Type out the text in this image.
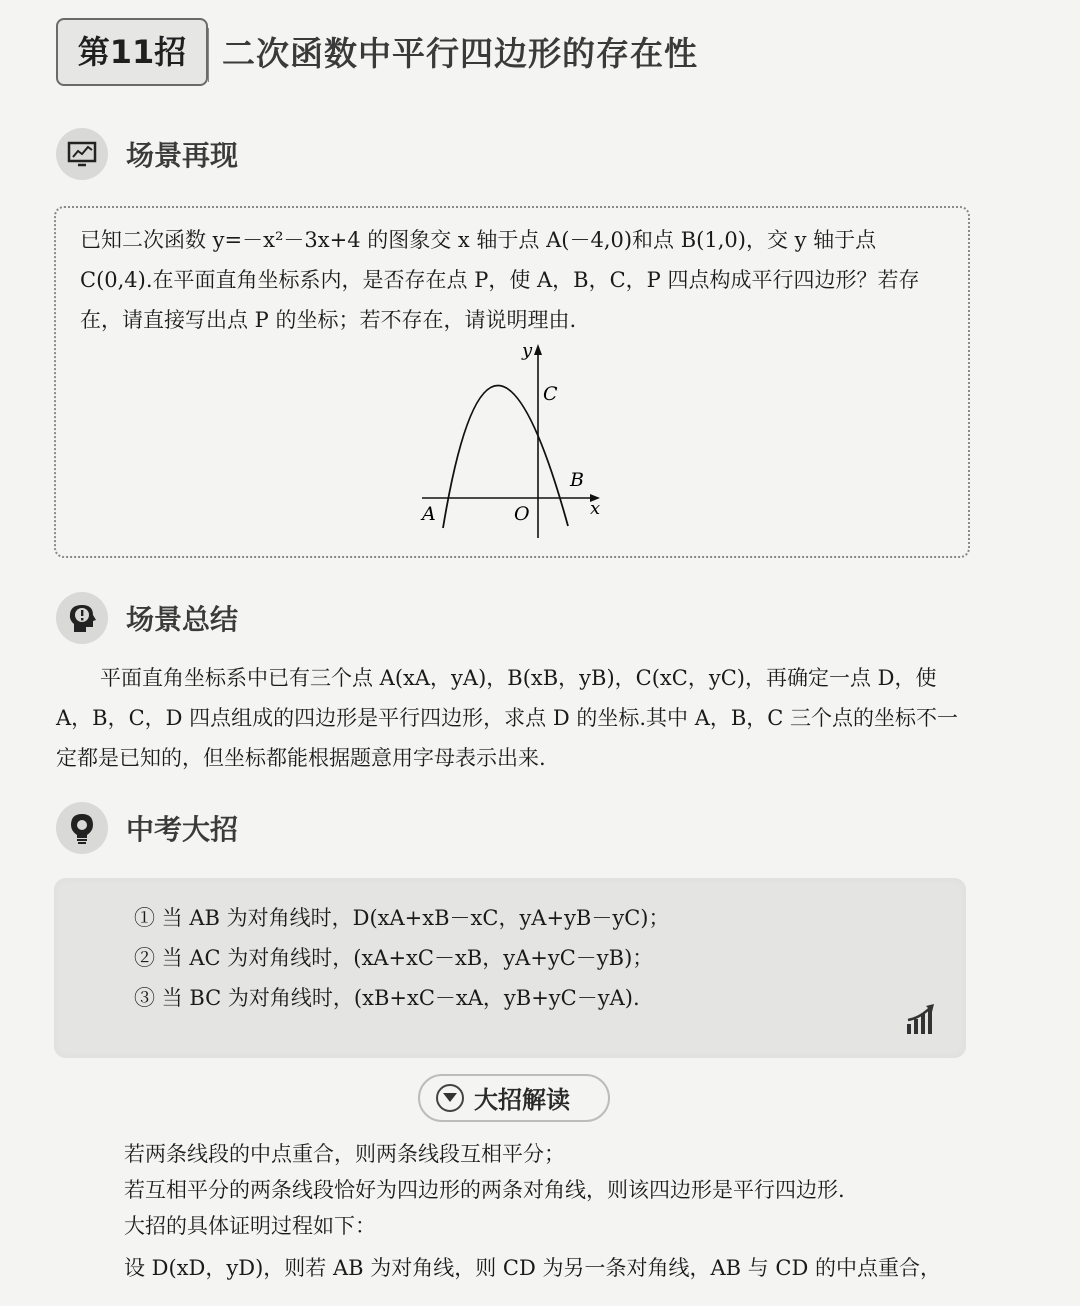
第11招	二次函数中平行四边形的存在性
场景再现
已知二次函数 y=－x²－3x+4 的图象交 x 轴于点 A(－4,0)和点 B(1,0)，交 y 轴于点 C(0,4).在平面直角坐标系内，是否存在点 P，使 A，B，C，P 四点构成平行四边形？若存在，请直接写出点 P 的坐标；若不存在，请说明理由.
y
x
O
A
B
C
场景总结
平面直角坐标系中已有三个点 A(xA，yA)，B(xB，yB)，C(xC，yC)，再确定一点 D，使 A，B，C，D 四点组成的四边形是平行四边形，求点 D 的坐标.其中 A，B，C 三个点的坐标不一定都是已知的，但坐标都能根据题意用字母表示出来.
中考大招
① 当 AB 为对角线时，D(xA+xB－xC，yA+yB－yC)；
② 当 AC 为对角线时，(xA+xC－xB，yA+yC－yB)；
③ 当 BC 为对角线时，(xB+xC－xA，yB+yC－yA).
大招解读
若两条线段的中点重合，则两条线段互相平分；
若互相平分的两条线段恰好为四边形的两条对角线，则该四边形是平行四边形.
大招的具体证明过程如下：
设 D(xD，yD)，则若 AB 为对角线，则 CD 为另一条对角线，AB 与 CD 的中点重合，
